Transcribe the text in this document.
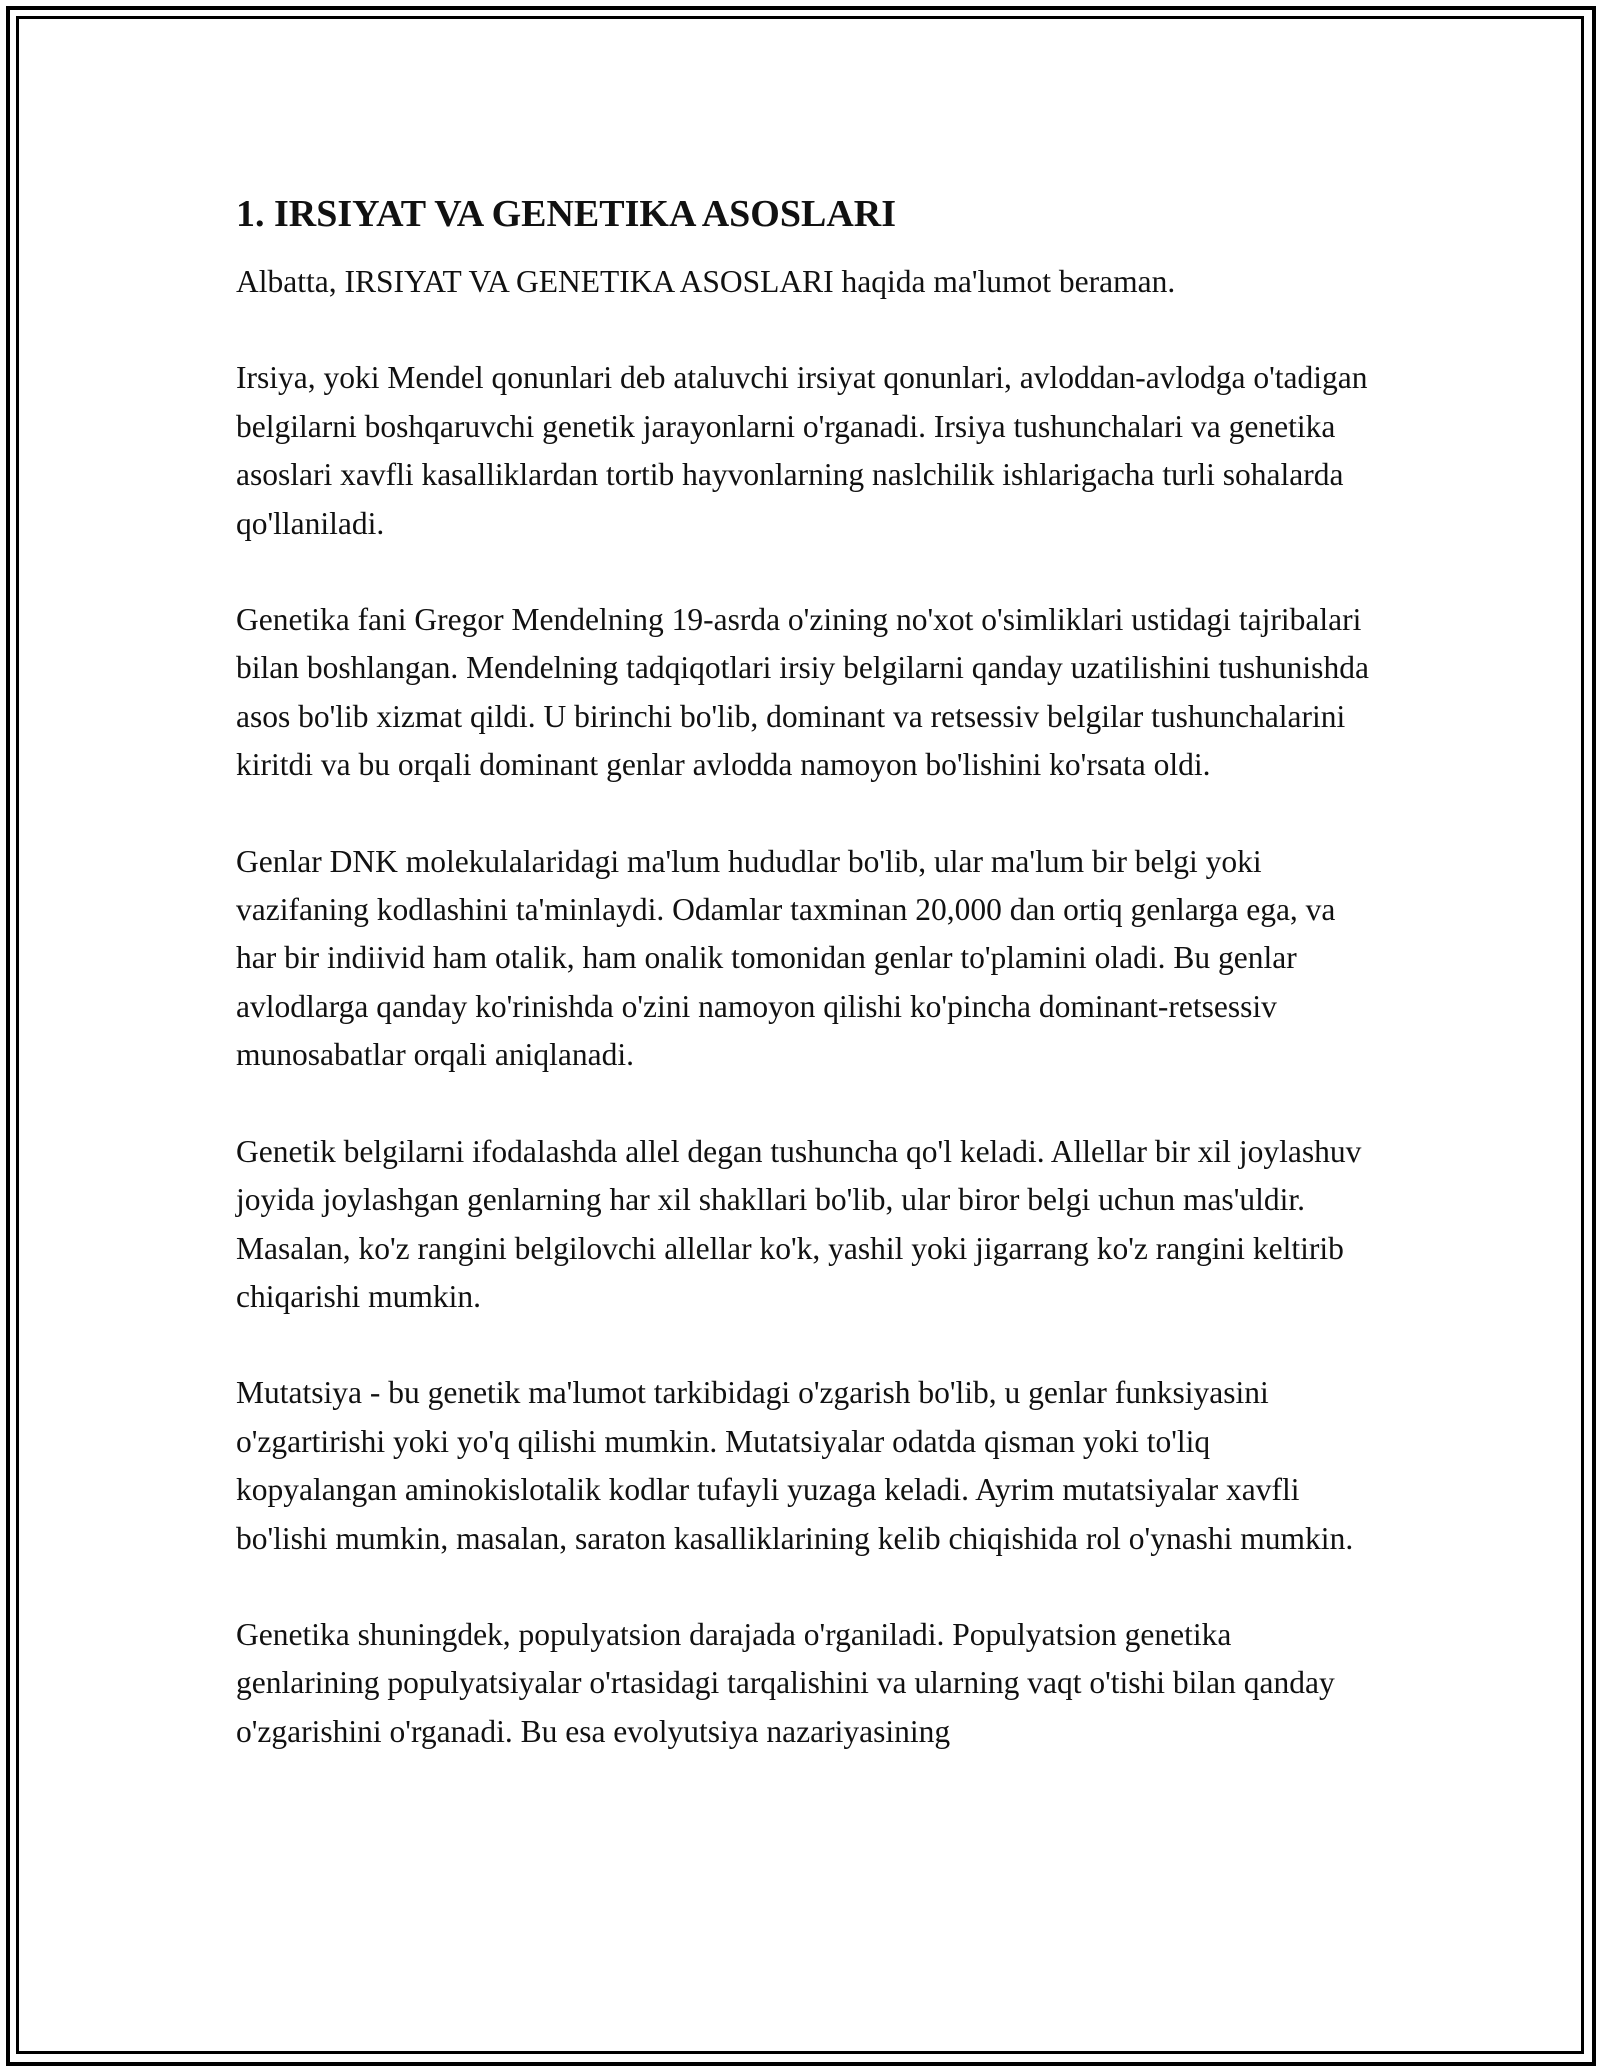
1. IRSIYAT VA GENETIKA ASOSLARI

Albatta, IRSIYAT VA GENETIKA ASOSLARI haqida ma'lumot beraman.

Irsiya, yoki Mendel qonunlari deb ataluvchi irsiyat qonunlari, avloddan-avlodga o'tadigan belgilarni boshqaruvchi genetik jarayonlarni o'rganadi. Irsiya tushunchalari va genetika asoslari xavfli kasalliklardan tortib hayvonlarning naslchilik ishlarigacha turli sohalarda qo'llaniladi.

Genetika fani Gregor Mendelning 19-asrda o'zining no'xot o'simliklari ustidagi tajribalari bilan boshlangan. Mendelning tadqiqotlari irsiy belgilarni qanday uzatilishini tushunishda asos bo'lib xizmat qildi. U birinchi bo'lib, dominant va retsessiv belgilar tushunchalarini kiritdi va bu orqali dominant genlar avlodda namoyon bo'lishini ko'rsata oldi.

Genlar DNK molekulalaridagi ma'lum hududlar bo'lib, ular ma'lum bir belgi yoki vazifaning kodlashini ta'minlaydi. Odamlar taxminan 20,000 dan ortiq genlarga ega, va har bir indiivid ham otalik, ham onalik tomonidan genlar to'plamini oladi. Bu genlar avlodlarga qanday ko'rinishda o'zini namoyon qilishi ko'pincha dominant-retsessiv munosabatlar orqali aniqlanadi.

Genetik belgilarni ifodalashda allel degan tushuncha qo'l keladi. Allellar bir xil joylashuv joyida joylashgan genlarning har xil shakllari bo'lib, ular biror belgi uchun mas'uldir. Masalan, ko'z rangini belgilovchi allellar ko'k, yashil yoki jigarrang ko'z rangini keltirib chiqarishi mumkin.

Mutatsiya - bu genetik ma'lumot tarkibidagi o'zgarish bo'lib, u genlar funksiyasini o'zgartirishi yoki yo'q qilishi mumkin. Mutatsiyalar odatda qisman yoki to'liq kopyalangan aminokislotalik kodlar tufayli yuzaga keladi. Ayrim mutatsiyalar xavfli bo'lishi mumkin, masalan, saraton kasalliklarining kelib chiqishida rol o'ynashi mumkin.

Genetika shuningdek, populyatsion darajada o'rganiladi. Populyatsion genetika genlarining populyatsiyalar o'rtasidagi tarqalishini va ularning vaqt o'tishi bilan qanday o'zgarishini o'rganadi. Bu esa evolyutsiya nazariyasining
